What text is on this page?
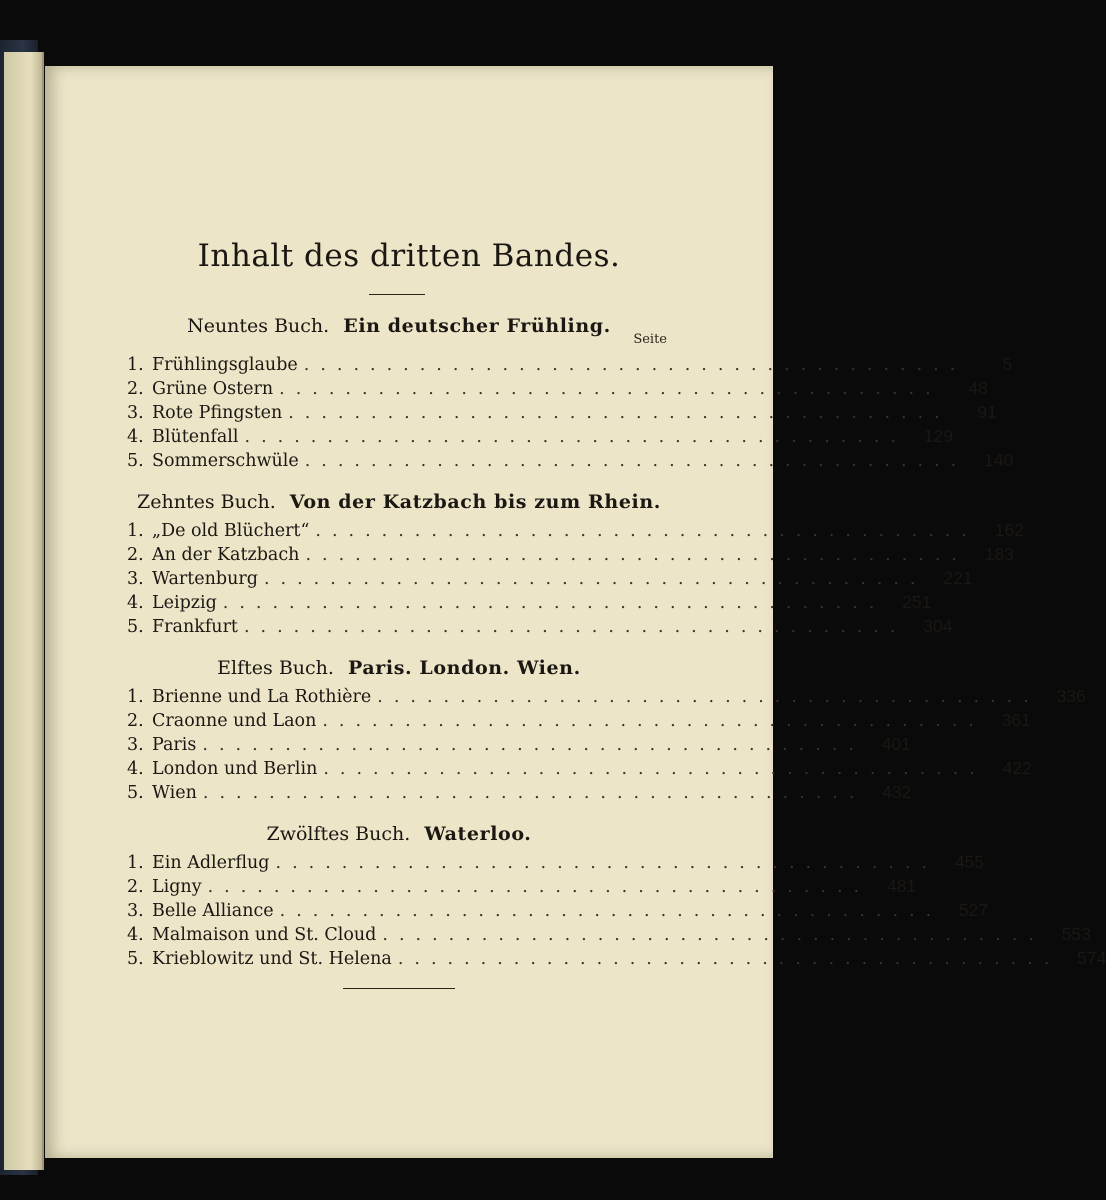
Inhalt des dritten Bandes.
Neuntes Buch. Ein deutscher Frühling.
Seite
1. Frühlingsglaube ........................................	5
2. Grüne Ostern ........................................	48
3. Rote Pfingsten ........................................	91
4. Blütenfall ........................................ 129
5. Sommerschwüle ........................................ 140
Zehntes Buch. Von der Katzbach bis zum Rhein.
1. „De old Blüchert“ ........................................ 162
2. An der Katzbach ........................................ 183
3. Wartenburg ........................................ 221
4. Leipzig ........................................ 251
5. Frankfurt ........................................ 304
Elftes Buch. Paris. London. Wien.
1. Brienne und La Rothière ........................................ 336
2. Craonne und Laon ........................................ 361
3. Paris ........................................ 401
4. London und Berlin ........................................ 422
5. Wien ........................................ 432
Zwölftes Buch. Waterloo.
1. Ein Adlerflug ........................................ 455
2. Ligny ........................................ 481
3. Belle Alliance ........................................ 527
4. Malmaison und St. Cloud ........................................ 553
5. Krieblowitz und St. Helena ........................................ 574
